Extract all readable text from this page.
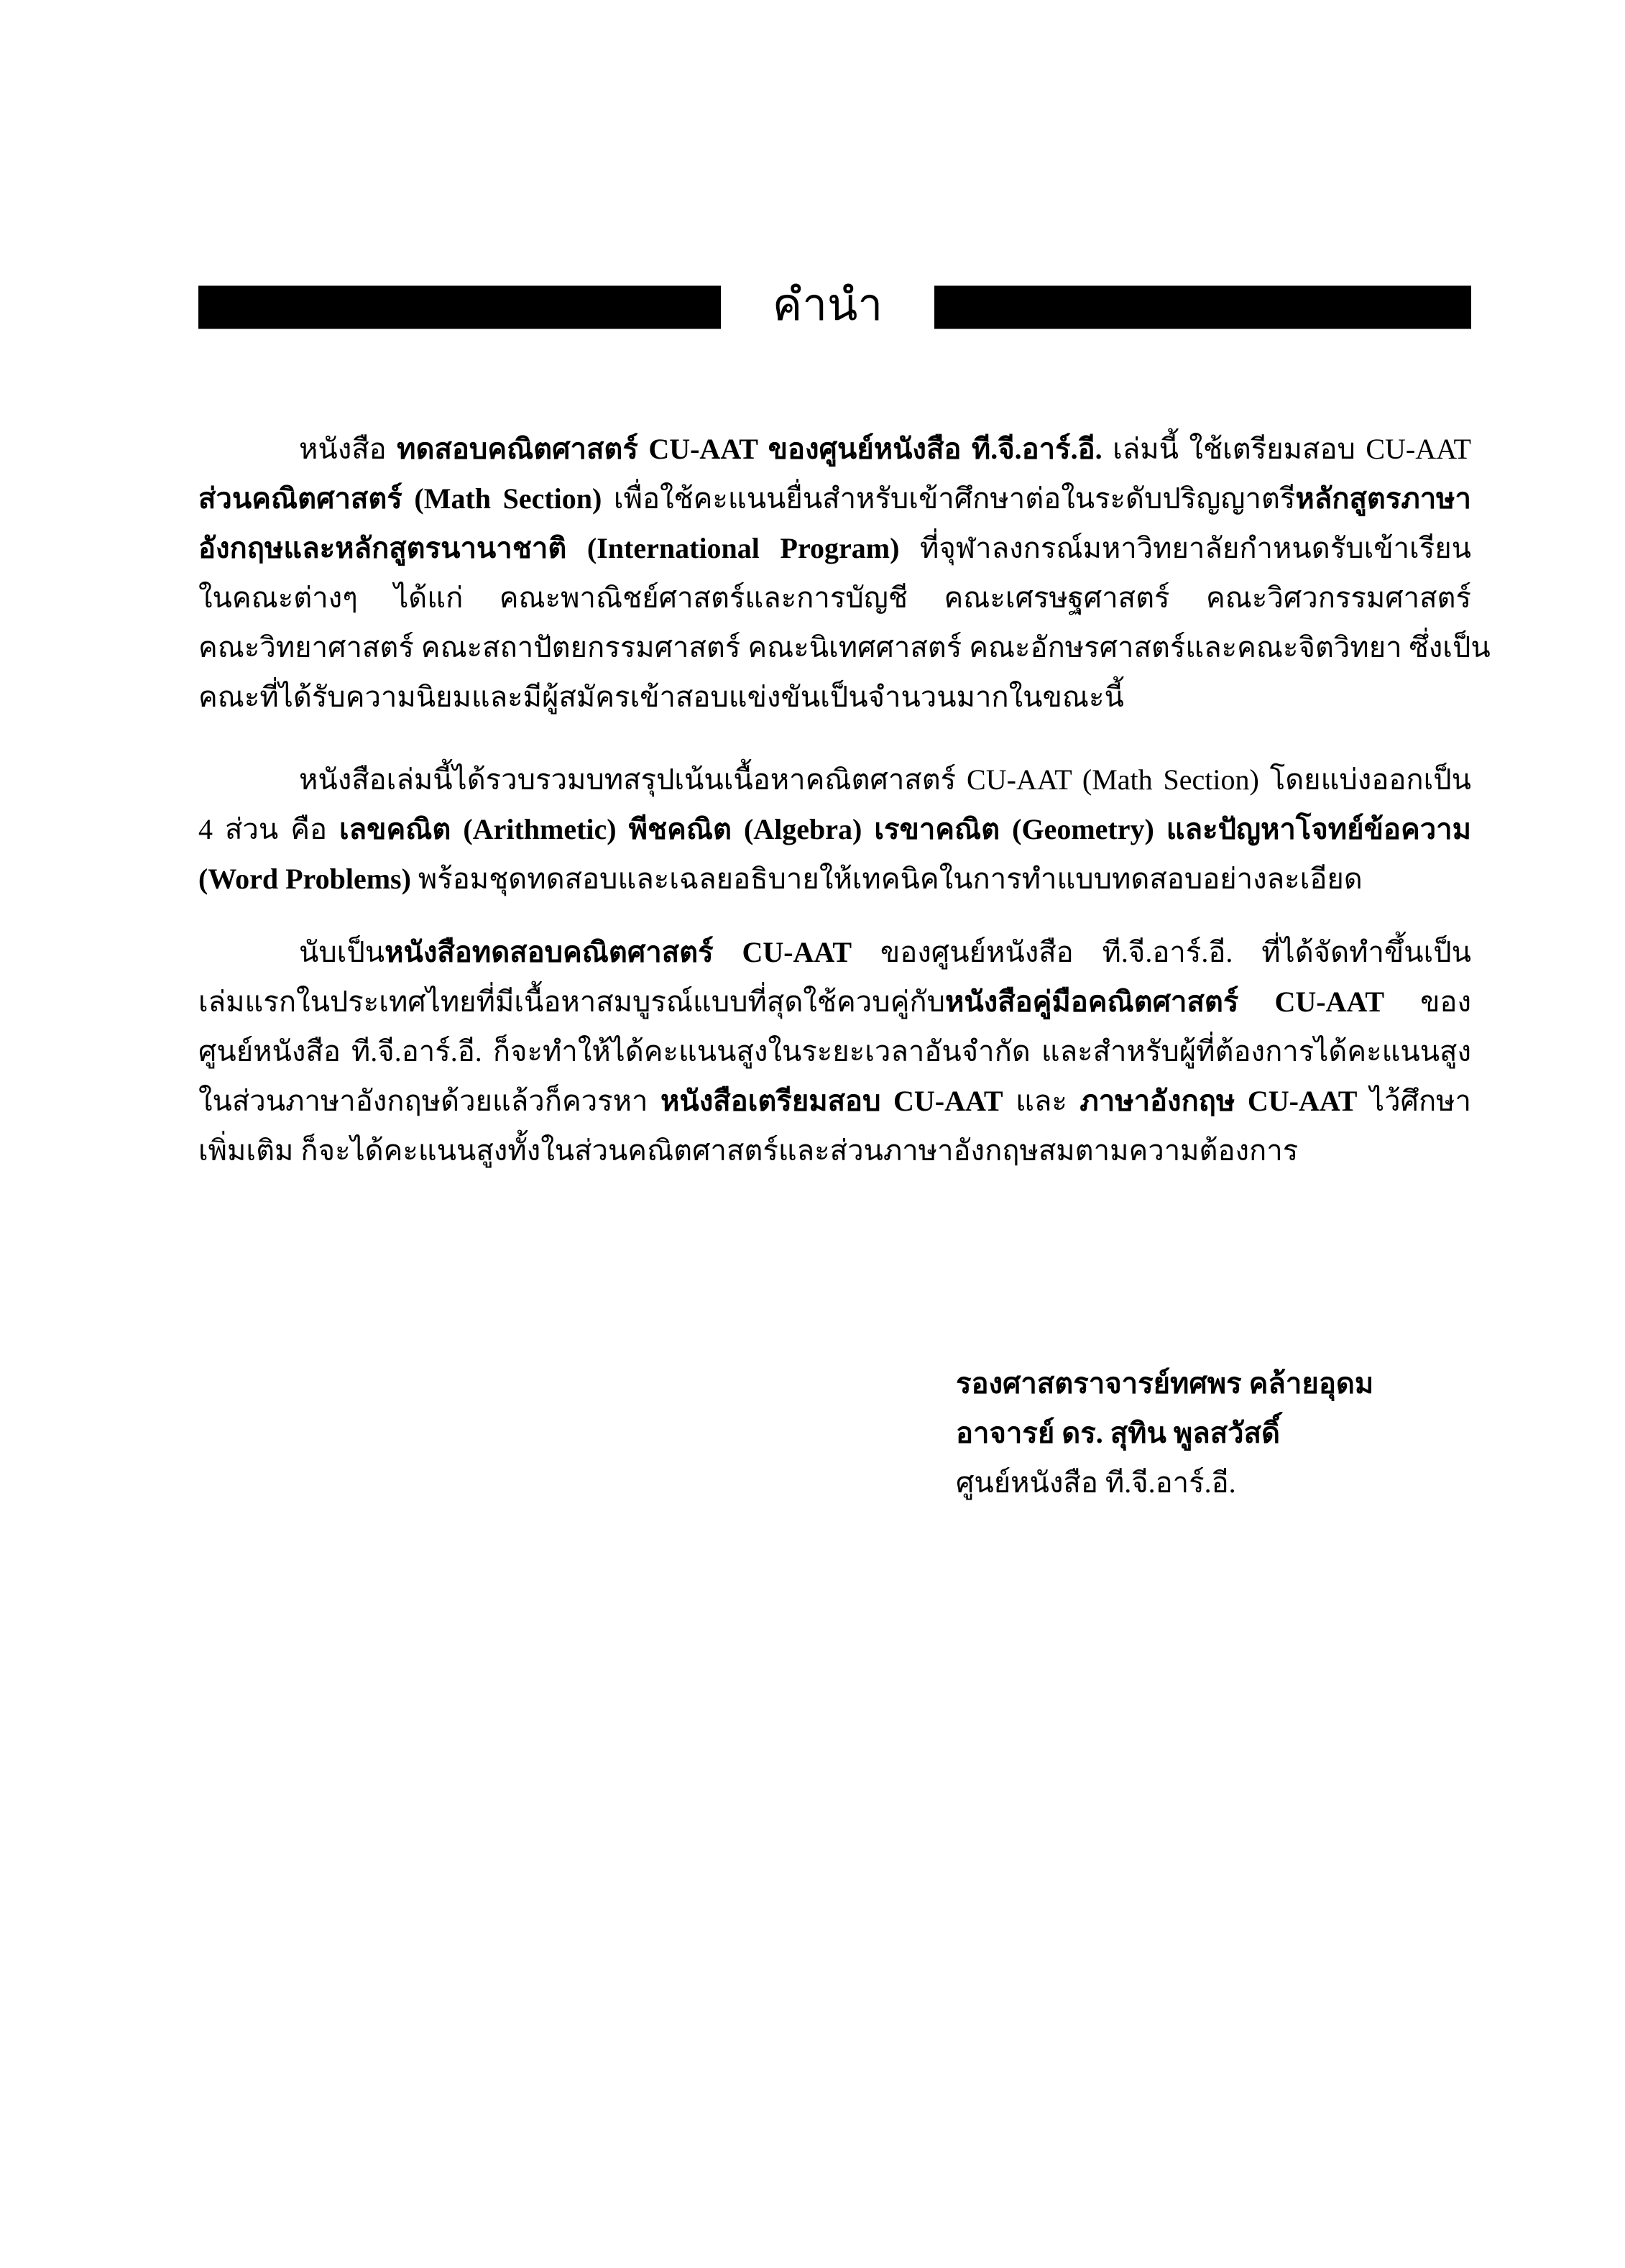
คำนำ
หนังสือ ทดสอบคณิตศาสตร์ CU-AAT ของศูนย์หนังสือ ที.จี.อาร์.อี. เล่มนี้ ใช้เตรียมสอบ CU-AAT
ส่วนคณิตศาสตร์ (Math Section) เพื่อใช้คะแนนยื่นสำหรับเข้าศึกษาต่อในระดับปริญญาตรีหลักสูตรภาษา
อังกฤษและหลักสูตรนานาชาติ (International Program) ที่จุฬาลงกรณ์มหาวิทยาลัยกำหนดรับเข้าเรียน
ในคณะต่างๆ ได้แก่ คณะพาณิชย์ศาสตร์และการบัญชี คณะเศรษฐศาสตร์ คณะวิศวกรรมศาสตร์
คณะวิทยาศาสตร์ คณะสถาปัตยกรรมศาสตร์ คณะนิเทศศาสตร์ คณะอักษรศาสตร์และคณะจิตวิทยา ซึ่งเป็น
คณะที่ได้รับความนิยมและมีผู้สมัครเข้าสอบแข่งขันเป็นจำนวนมากในขณะนี้
หนังสือเล่มนี้ได้รวบรวมบทสรุปเน้นเนื้อหาคณิตศาสตร์ CU-AAT (Math Section) โดยแบ่งออกเป็น
4 ส่วน คือ เลขคณิต (Arithmetic) พีชคณิต (Algebra) เรขาคณิต (Geometry) และปัญหาโจทย์ข้อความ
(Word Problems) พร้อมชุดทดสอบและเฉลยอธิบายให้เทคนิคในการทำแบบทดสอบอย่างละเอียด
นับเป็นหนังสือทดสอบคณิตศาสตร์ CU-AAT ของศูนย์หนังสือ ที.จี.อาร์.อี. ที่ได้จัดทำขึ้นเป็น
เล่มแรกในประเทศไทยที่มีเนื้อหาสมบูรณ์แบบที่สุดใช้ควบคู่กับหนังสือคู่มือคณิตศาสตร์ CU-AAT ของ
ศูนย์หนังสือ ที.จี.อาร์.อี. ก็จะทำให้ได้คะแนนสูงในระยะเวลาอันจำกัด และสำหรับผู้ที่ต้องการได้คะแนนสูง
ในส่วนภาษาอังกฤษด้วยแล้วก็ควรหา หนังสือเตรียมสอบ CU-AAT และ ภาษาอังกฤษ CU-AAT ไว้ศึกษา
เพิ่มเติม ก็จะได้คะแนนสูงทั้งในส่วนคณิตศาสตร์และส่วนภาษาอังกฤษสมตามความต้องการ
รองศาสตราจารย์ทศพร คล้ายอุดม
อาจารย์ ดร. สุทิน พูลสวัสดิ์
ศูนย์หนังสือ ที.จี.อาร์.อี.
